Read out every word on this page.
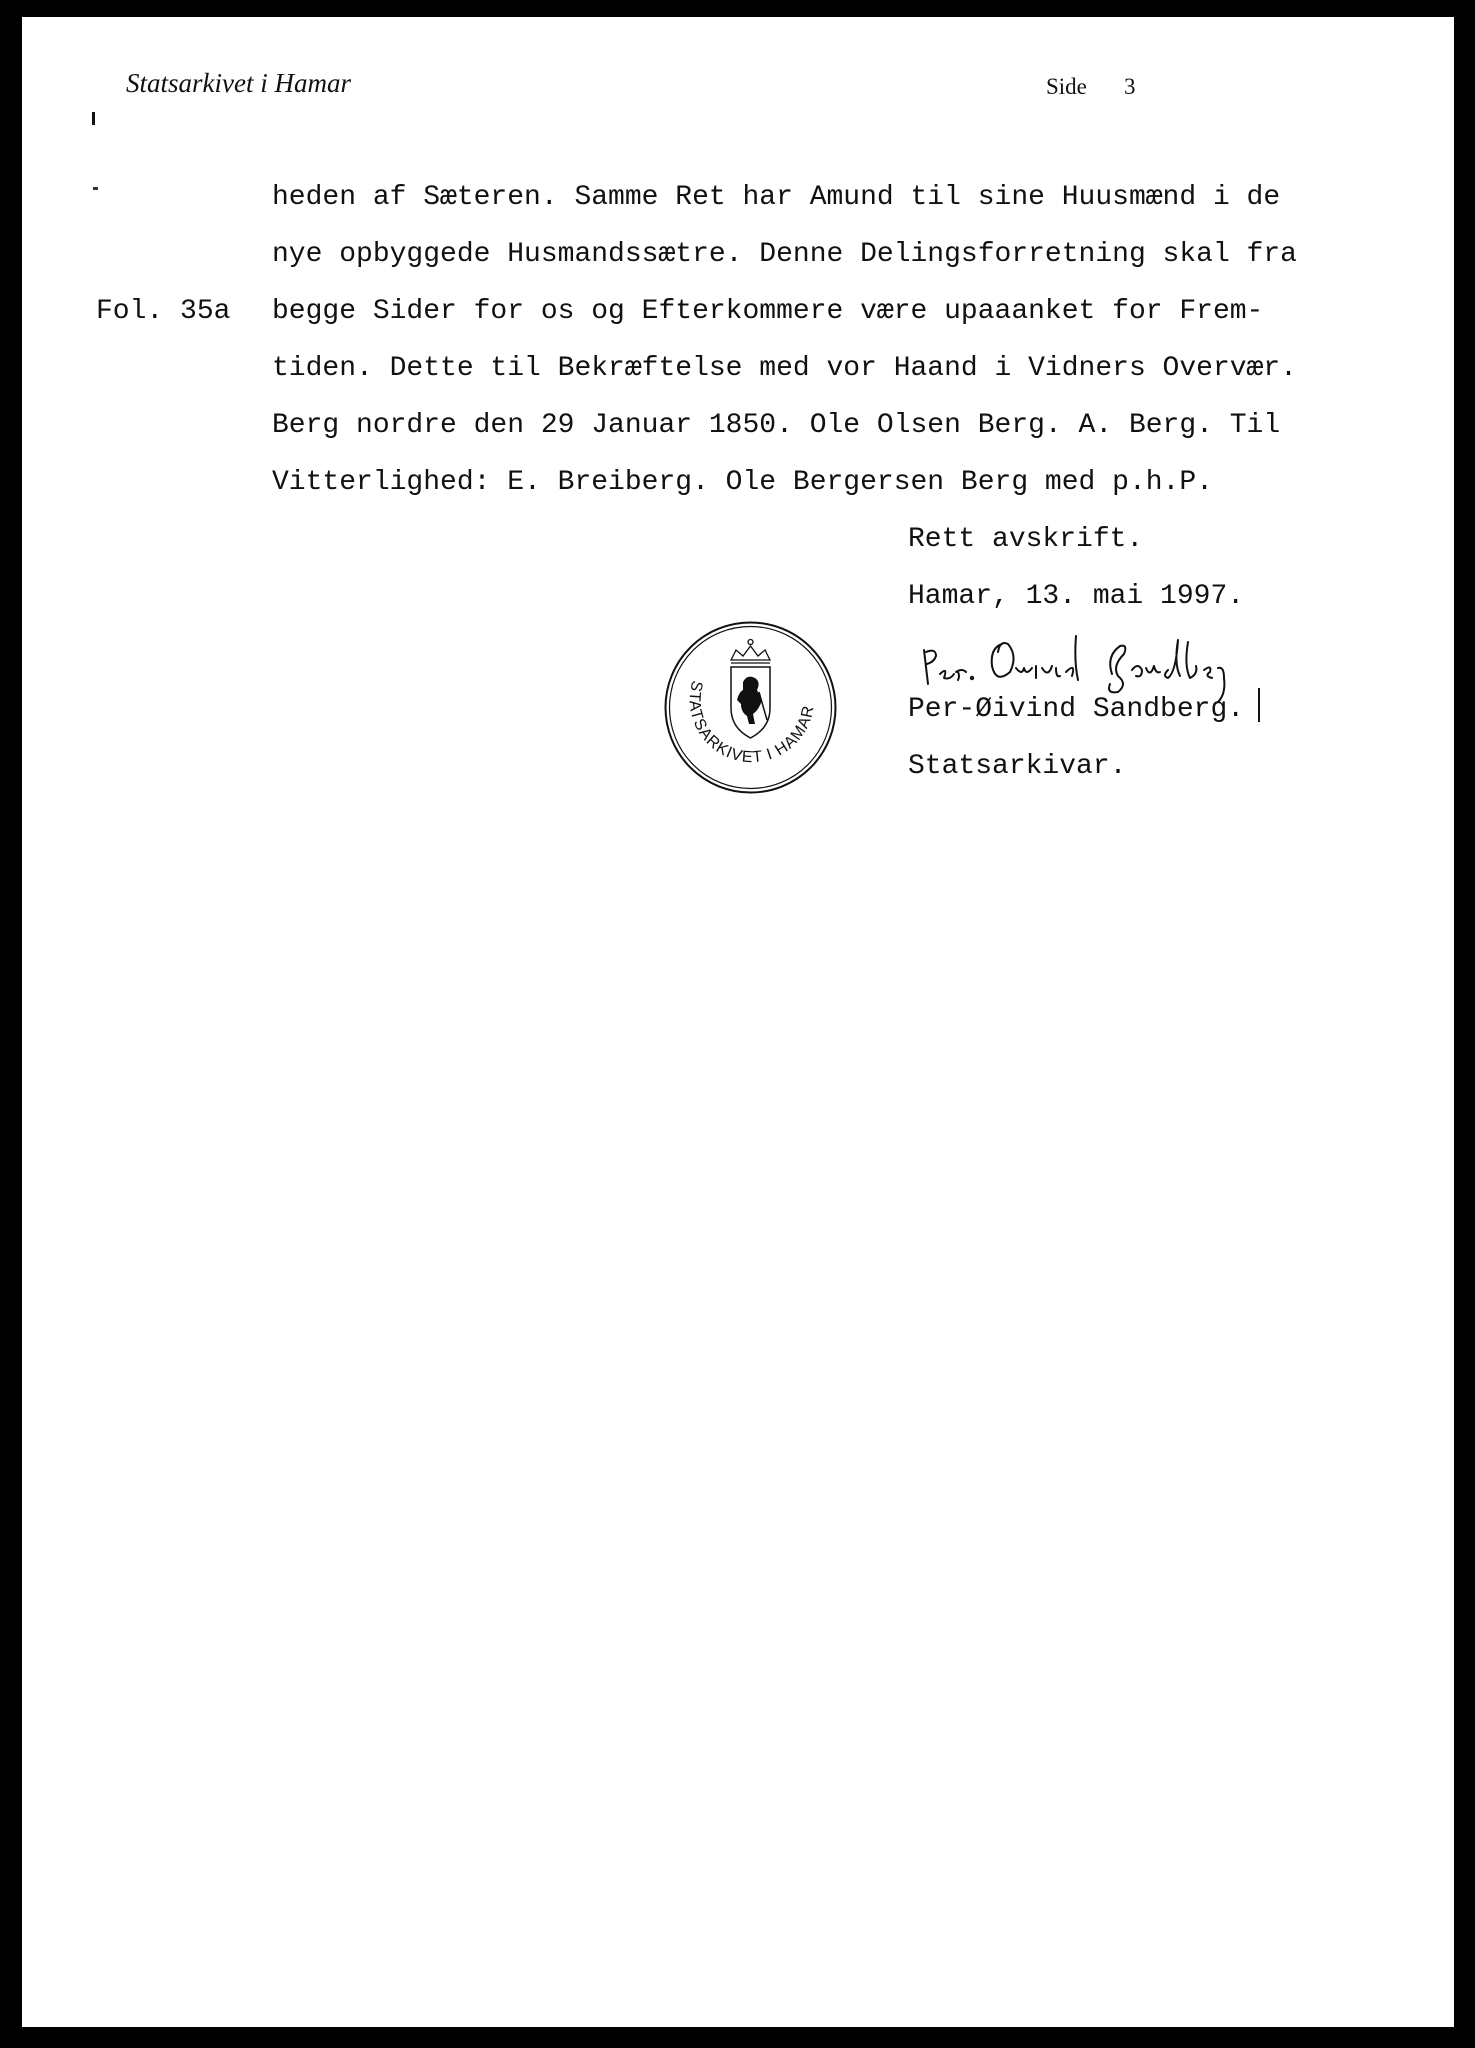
Statsarkivet i Hamar	Side 3
Fol. 35a
heden af Sæteren. Samme Ret har Amund til sine Huusmænd i de
nye opbyggede Husmandssætre. Denne Delingsforretning skal fra
begge Sider for os og Efterkommere være upaaanket for Frem-
tiden. Dette til Bekræftelse med vor Haand i Vidners Overvær.
Berg nordre den 29 Januar 1850. Ole Olsen Berg. A. Berg. Til
Vitterlighed: E. Breiberg. Ole Bergersen Berg med p.h.P.
Rett avskrift.
Hamar, 13. mai 1997.
STATSARKIVET I HAMAR	Per-Øivind Sandberg.
Statsarkivar.
